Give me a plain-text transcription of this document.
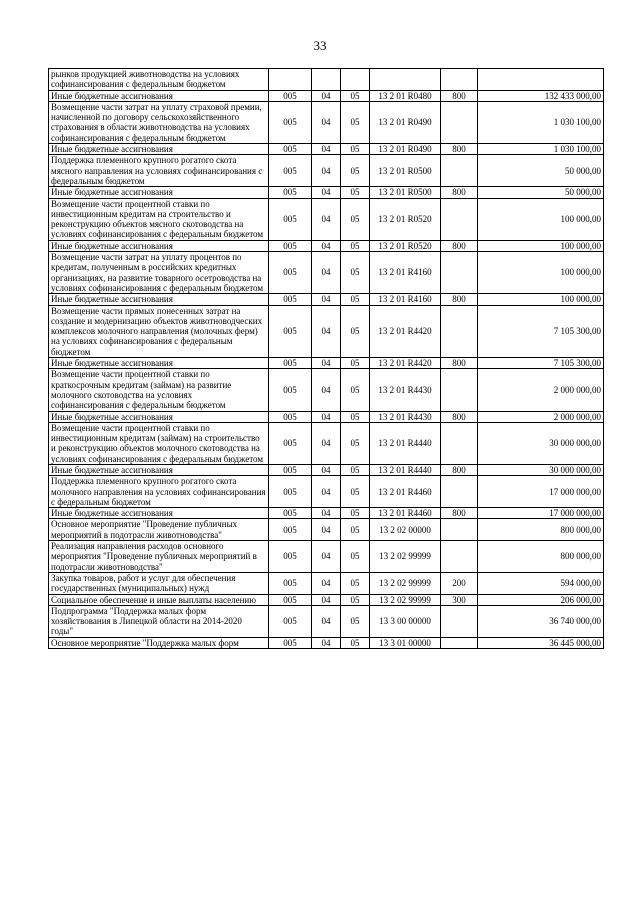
33
рынков продукцией животноводства на условиях софинансирования с федеральным бюджетом						
Иные бюджетные ассигнования	005	04	05	13 2 01 R0480	800	132 433 000,00
Возмещение части затрат на уплату страховой премии, начисленной по договору сельскохозяйственного страхования в области животноводства на условиях софинансирования с федеральным бюджетом	005	04	05	13 2 01 R0490		1 030 100,00
Иные бюджетные ассигнования	005	04	05	13 2 01 R0490	800	1 030 100,00
Поддержка племенного крупного рогатого скота мясного направления на условиях софинансирования с федеральным бюджетом	005	04	05	13 2 01 R0500		50 000,00
Иные бюджетные ассигнования	005	04	05	13 2 01 R0500	800	50 000,00
Возмещение части процентной ставки по инвестиционным кредитам на строительство и реконструкцию объектов мясного скотоводства на условиях софинансирования с федеральным бюджетом	005	04	05	13 2 01 R0520		100 000,00
Иные бюджетные ассигнования	005	04	05	13 2 01 R0520	800	100 000,00
Возмещение части затрат на уплату процентов по кредитам, полученным в российских кредитных организациях, на развитие товарного осетроводства на условиях софинансирования с федеральным бюджетом	005	04	05	13 2 01 R4160		100 000,00
Иные бюджетные ассигнования	005	04	05	13 2 01 R4160	800	100 000,00
Возмещение части прямых понесенных затрат на создание и модернизацию объектов животноводческих комплексов молочного направления (молочных ферм) на условиях софинансирования с федеральным бюджетом	005	04	05	13 2 01 R4420		7 105 300,00
Иные бюджетные ассигнования	005	04	05	13 2 01 R4420	800	7 105 300,00
Возмещение части процентной ставки по краткосрочным кредитам (займам) на развитие молочного скотоводства на условиях софинансирования с федеральным бюджетом	005	04	05	13 2 01 R4430		2 000 000,00
Иные бюджетные ассигнования	005	04	05	13 2 01 R4430	800	2 000 000,00
Возмещение части процентной ставки по инвестиционным кредитам (займам) на строительство и реконструкцию объектов молочного скотоводства на условиях софинансирования с федеральным бюджетом	005	04	05	13 2 01 R4440		30 000 000,00
Иные бюджетные ассигнования	005	04	05	13 2 01 R4440	800	30 000 000,00
Поддержка племенного крупного рогатого скота молочного направления на условиях софинансирования с федеральным бюджетом	005	04	05	13 2 01 R4460		17 000 000,00
Иные бюджетные ассигнования	005	04	05	13 2 01 R4460	800	17 000 000,00
Основное мероприятие "Проведение публичных мероприятий в подотрасли животноводства"	005	04	05	13 2 02 00000		800 000,00
Реализация направления расходов основного мероприятия "Проведение публичных мероприятий в подотрасли животноводства"	005	04	05	13 2 02 99999		800 000,00
Закупка товаров, работ и услуг для обеспечения государственных (муниципальных) нужд	005	04	05	13 2 02 99999	200	594 000,00
Социальное обеспечение и иные выплаты населению	005	04	05	13 2 02 99999	300	206 000,00
Подпрограмма "Поддержка малых форм хозяйствования в Липецкой области на 2014-2020 годы"	005	04	05	13 3 00 00000		36 740 000,00
Основное мероприятие "Поддержка малых форм	005	04	05	13 3 01 00000		36 445 000,00
